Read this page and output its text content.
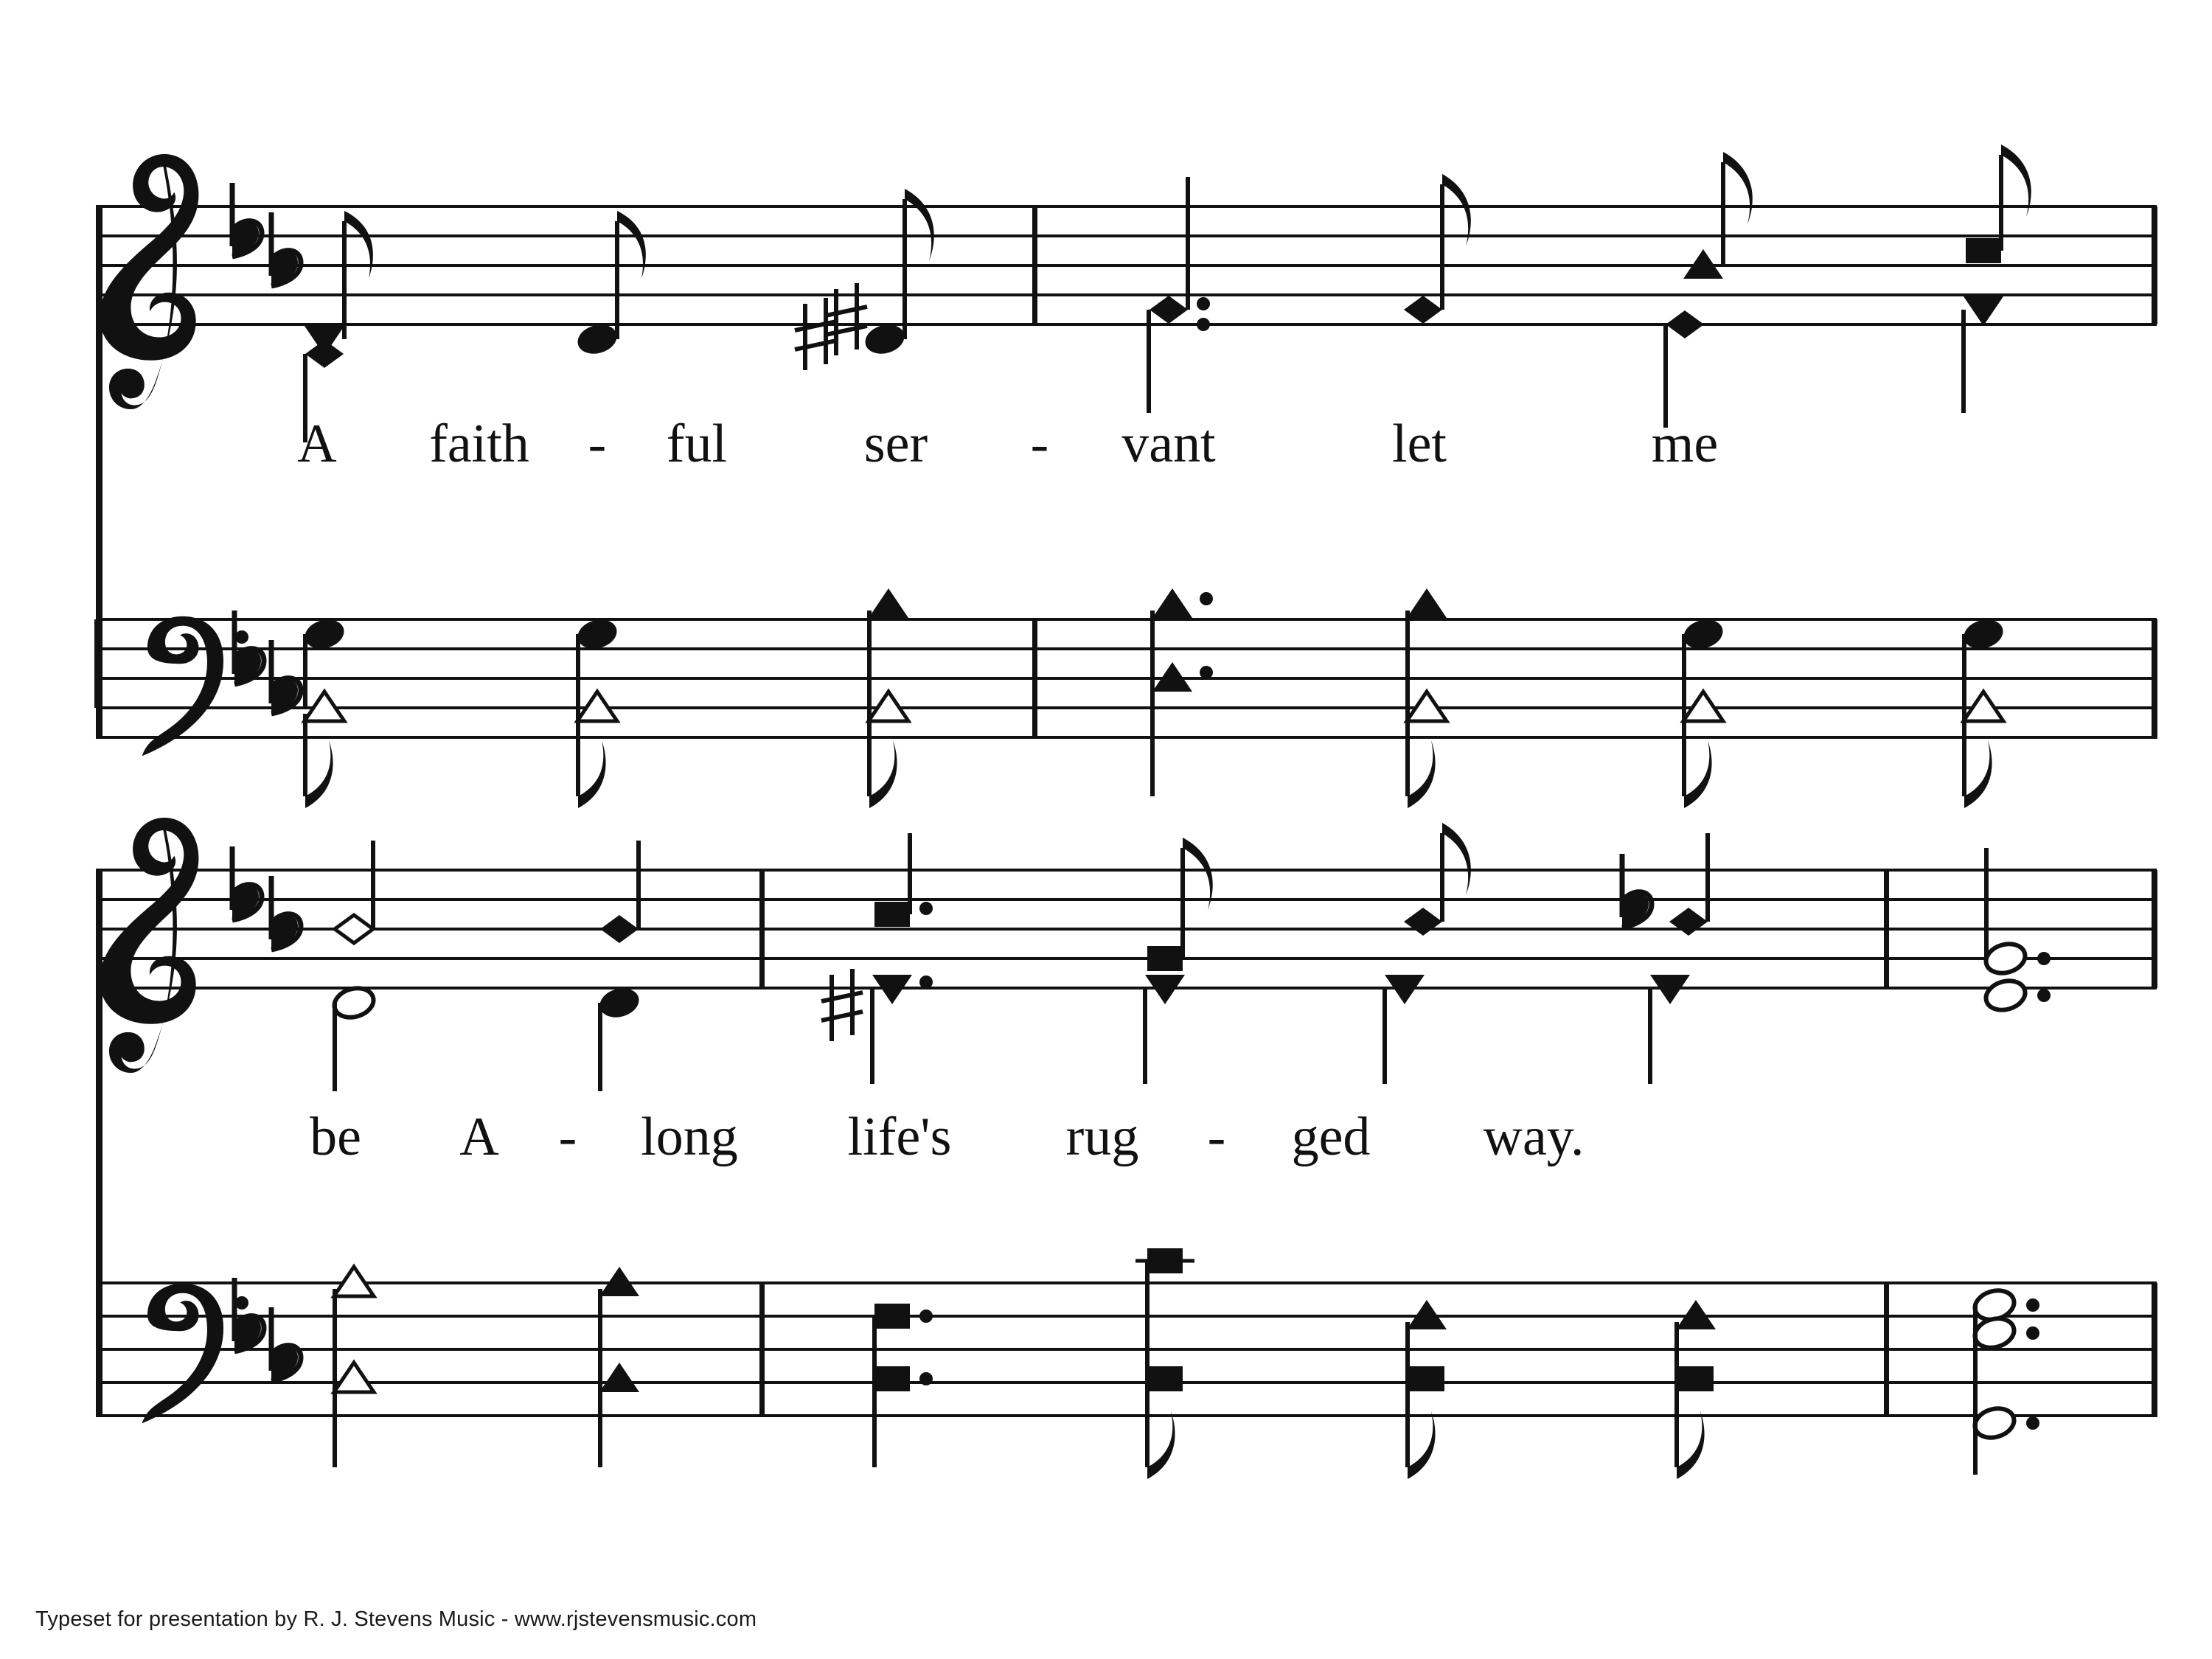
A	faith	-	ful	ser	-	vant	let	me
be	A	-	long	life's	rug	-	ged	way.
Typeset for presentation by R. J. Stevens Music - www.rjstevensmusic.com
